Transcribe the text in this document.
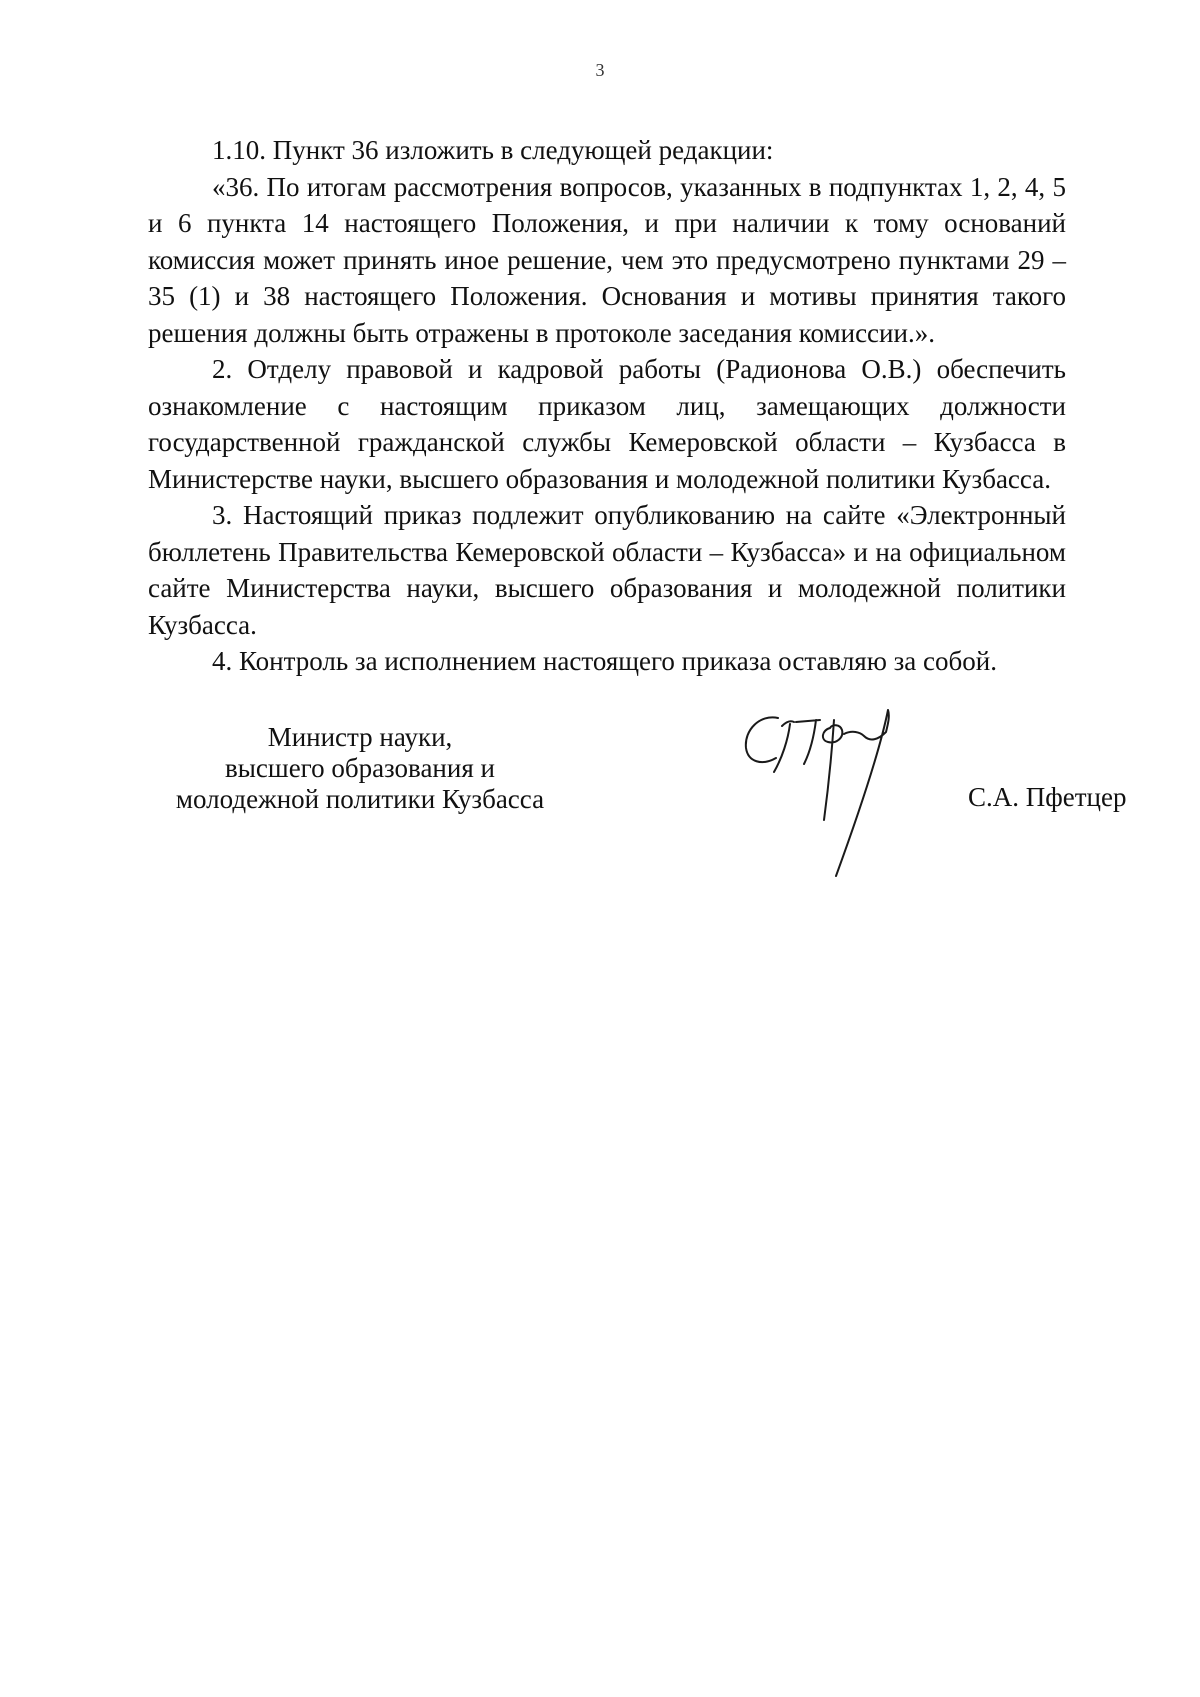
3

1.10. Пункт 36 изложить в следующей редакции:

«36. По итогам рассмотрения вопросов, указанных в подпунктах 1, 2, 4, 5 и 6 пункта 14 настоящего Положения, и при наличии к тому оснований комиссия может принять иное решение, чем это предусмотрено пунктами 29 – 35 (1) и 38 настоящего Положения. Основания и мотивы принятия такого решения должны быть отражены в протоколе заседания комиссии.».

2. Отделу правовой и кадровой работы (Радионова О.В.) обеспечить ознакомление с настоящим приказом лиц, замещающих должности государственной гражданской службы Кемеровской области – Кузбасса в Министерстве науки, высшего образования и молодежной политики Кузбасса.

3. Настоящий приказ подлежит опубликованию на сайте «Электронный бюллетень Правительства Кемеровской области – Кузбасса» и на официальном сайте Министерства науки, высшего образования и молодежной политики Кузбасса.

4. Контроль за исполнением настоящего приказа оставляю за собой.

Министр науки,
высшего образования и
молодежной политики Кузбасса	С.А. Пфетцер
